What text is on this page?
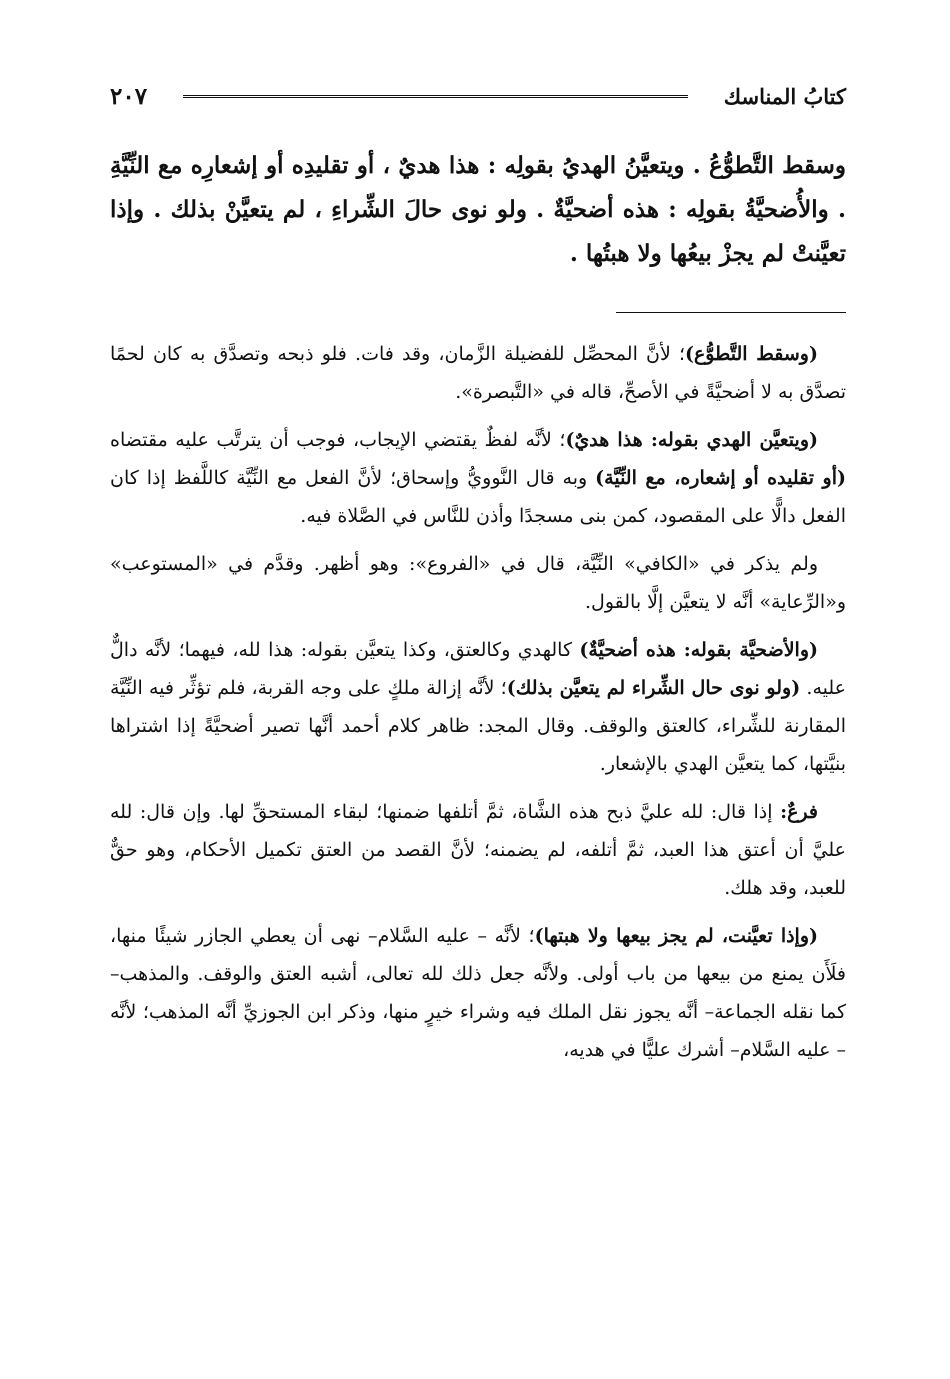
كتابُ المناسك
٢٠٧
وسقط التَّطوُّعُ . ويتعيَّنُ الهديُ بقولِه : هذا هديٌ ، أو تقليدِه أو إشعارِه مع النِّيَّةِ . والأُضحيَّةُ بقولِه : هذه أضحيَّةٌ . ولو نوى حالَ الشِّراءِ ، لم يتعيَّنْ بذلك . وإذا تعيَّنتْ لم يجزْ بيعُها ولا هبتُها .

(وسقط التَّطوُّع)؛ لأنَّ المحصِّل للفضيلة الزَّمان، وقد فات. فلو ذبحه وتصدَّق به كان لحمًا تصدَّق به لا أضحيَّةً في الأصحِّ، قاله في «التَّبصرة».

(ويتعيَّن الهدي بقوله: هذا هديٌ)؛ لأنَّه لفظٌ يقتضي الإيجاب، فوجب أن يترتَّب عليه مقتضاه (أو تقليده أو إشعاره، مع النِّيَّة) وبه قال النَّوويُّ وإسحاق؛ لأنَّ الفعل مع النِّيَّة كاللَّفظ إذا كان الفعل دالًّا على المقصود، كمن بنى مسجدًا وأذن للنَّاس في الصَّلاة فيه.

ولم يذكر في «الكافي» النِّيَّة، قال في «الفروع»: وهو أظهر. وقدَّم في «المستوعب» و«الرِّعاية» أنَّه لا يتعيَّن إلَّا بالقول.

(والأضحيَّة بقوله: هذه أضحيَّةٌ) كالهدي وكالعتق، وكذا يتعيَّن بقوله: هذا لله، فيهما؛ لأنَّه دالٌّ عليه. (ولو نوى حال الشِّراء لم يتعيَّن بذلك)؛ لأنَّه إزالة ملكٍ على وجه القربة، فلم تؤثِّر فيه النِّيَّة المقارنة للشِّراء، كالعتق والوقف. وقال المجد: ظاهر كلام أحمد أنَّها تصير أضحيَّةً إذا اشتراها بنيَّتها، كما يتعيَّن الهدي بالإشعار.

فرعٌ: إذا قال: لله عليَّ ذبح هذه الشَّاة، ثمَّ أتلفها ضمنها؛ لبقاء المستحقِّ لها. وإن قال: لله عليَّ أن أعتق هذا العبد، ثمَّ أتلفه، لم يضمنه؛ لأنَّ القصد من العتق تكميل الأحكام، وهو حقٌّ للعبد، وقد هلك.

(وإذا تعيَّنت، لم يجز بيعها ولا هبتها)؛ لأنَّه – عليه السَّلام– نهى أن يعطي الجازر شيئًا منها، فلَأَن يمنع من بيعها من باب أولى. ولأنَّه جعل ذلك لله تعالى، أشبه العتق والوقف. والمذهب– كما نقله الجماعة– أنَّه يجوز نقل الملك فيه وشراء خيرٍ منها، وذكر ابن الجوزيِّ أنَّه المذهب؛ لأنَّه – عليه السَّلام– أشرك عليًّا في هديه،
